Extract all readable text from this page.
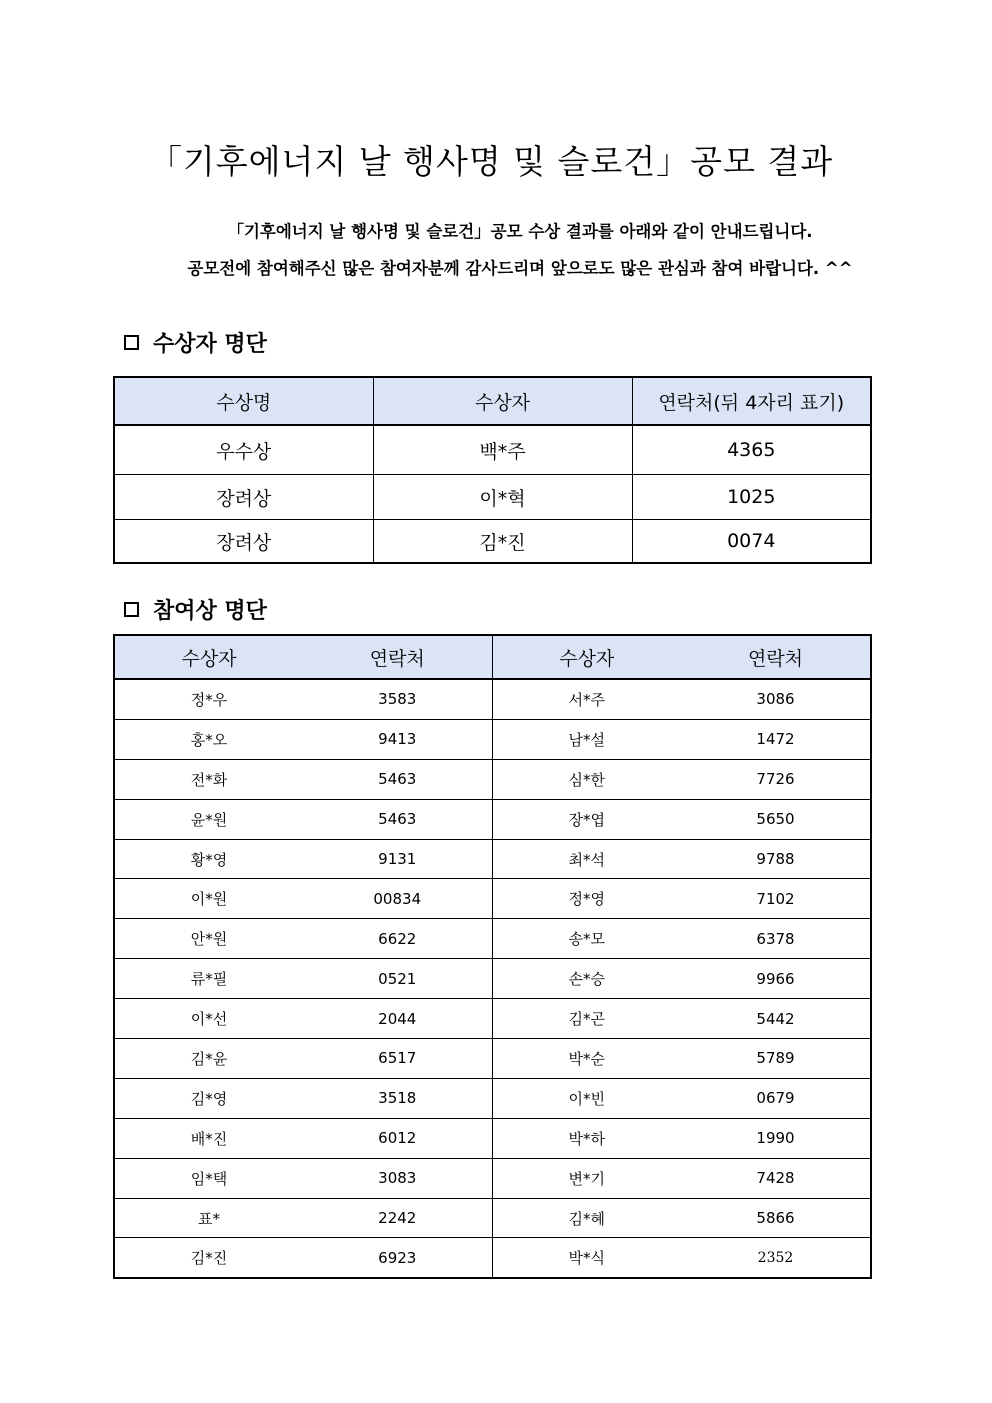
「기후에너지 날 행사명 및 슬로건」공모 결과
「기후에너지 날 행사명 및 슬로건」공모 수상 결과를 아래와 같이 안내드립니다.
공모전에 참여해주신 많은 참여자분께 감사드리며 앞으로도 많은 관심과 참여 바랍니다. ^^
수상자 명단
수상명	수상자	연락처(뒤 4자리 표기)
우수상	백*주	4365
장려상	이*혁	1025
장려상	김*진	0074
참여상 명단
수상자	연락처	수상자	연락처
정*우	3583	서*주	3086
홍*오	9413	남*설	1472
전*화	5463	심*한	7726
윤*원	5463	장*엽	5650
황*영	9131	최*석	9788
이*원	00834	정*영	7102
안*원	6622	송*모	6378
류*필	0521	손*승	9966
이*선	2044	김*곤	5442
김*윤	6517	박*순	5789
김*영	3518	이*빈	0679
배*진	6012	박*하	1990
임*택	3083	변*기	7428
표*	2242	김*혜	5866
김*진	6923	박*식	2352
